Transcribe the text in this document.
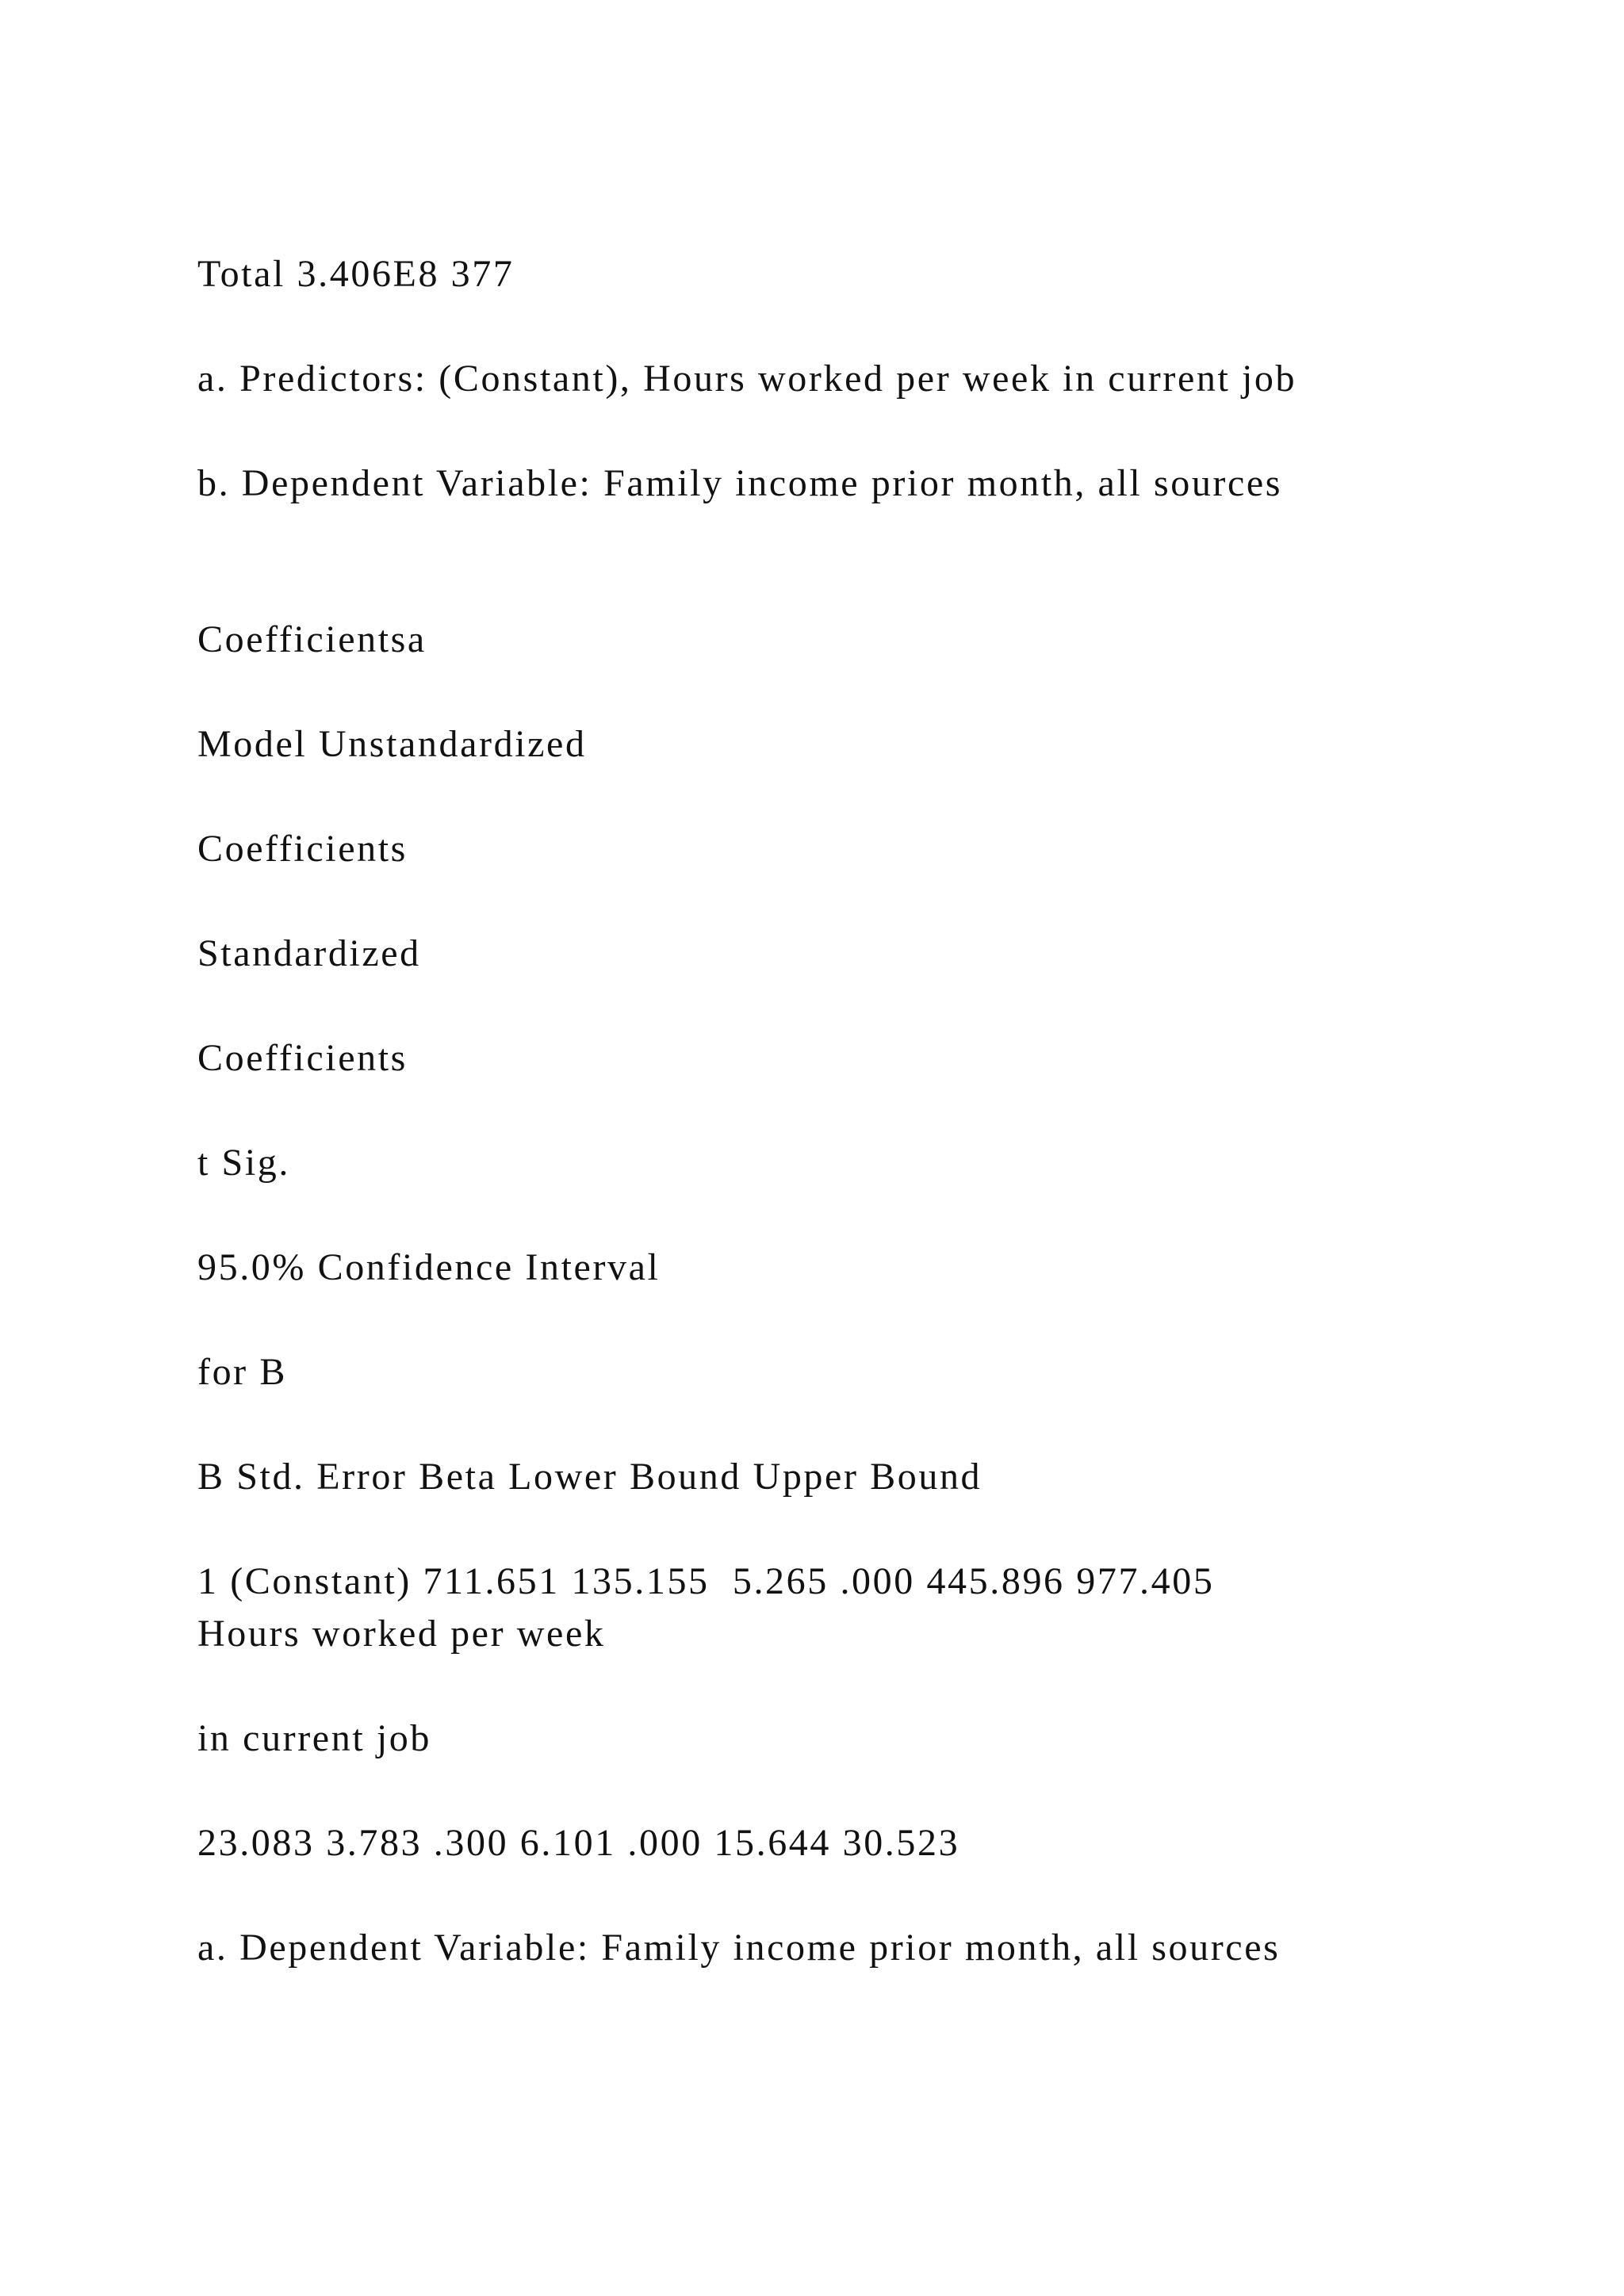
Total 3.406E8 377

a. Predictors: (Constant), Hours worked per week in current job

b. Dependent Variable: Family income prior month, all sources

Coefficientsa

Model Unstandardized

Coefficients

Standardized

Coefficients

t Sig.

95.0% Confidence Interval

for B

B Std. Error Beta Lower Bound Upper Bound

1 (Constant) 711.651 135.155  5.265 .000 445.896 977.405

Hours worked per week

in current job

23.083 3.783 .300 6.101 .000 15.644 30.523

a. Dependent Variable: Family income prior month, all sources
